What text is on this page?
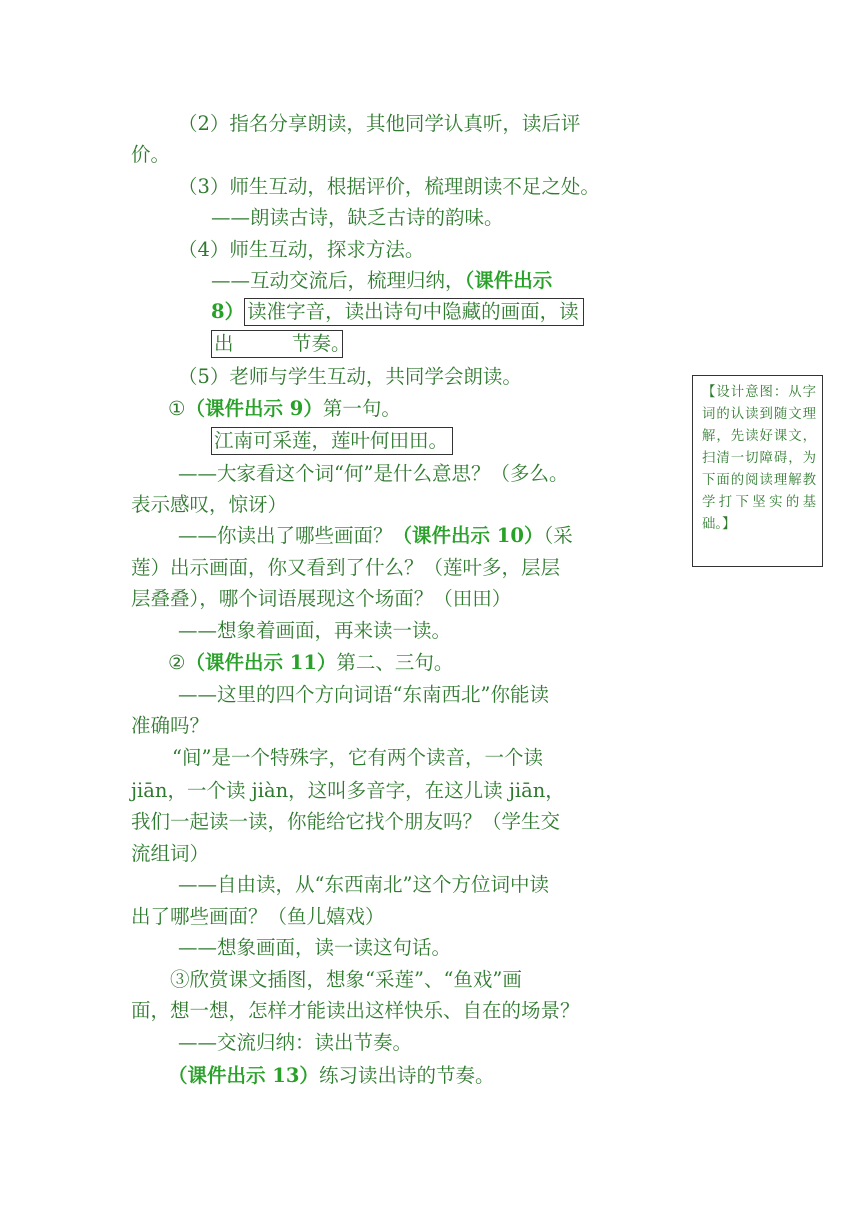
（2）指名分享朗读，其他同学认真听，读后评
价。
（3）师生互动，根据评价，梳理朗读不足之处。
——朗读古诗，缺乏古诗的韵味。
（4）师生互动，探求方法。
——互动交流后，梳理归纳，（课件出示
8） 读准字音，读出诗句中隐藏的画面，读
出　　　节奏。
（5）老师与学生互动，共同学会朗读。
①（课件出示 9）第一句。
江南可采莲，莲叶何田田。
——大家看这个词“何”是什么意思？（多么。
表示感叹，惊讶）
——你读出了哪些画面？（课件出示 10）（采
莲）出示画面，你又看到了什么？（莲叶多，层层
层叠叠），哪个词语展现这个场面？（田田）
——想象着画面，再来读一读。
②（课件出示 11）第二、三句。
——这里的四个方向词语“东南西北”你能读
准确吗？
“间”是一个特殊字，它有两个读音，一个读
jiān，一个读 jiàn，这叫多音字，在这儿读 jiān，
我们一起读一读，你能给它找个朋友吗？（学生交
流组词）
——自由读，从“东西南北”这个方位词中读
出了哪些画面？（鱼儿嬉戏）
——想象画面，读一读这句话。
③欣赏课文插图，想象“采莲”、“鱼戏”画
面，想一想，怎样才能读出这样快乐、自在的场景？
——交流归纳：读出节奏。
（课件出示 13）练习读出诗的节奏。
【设计意图：从字词的认读到随文理解，先读好课文，扫清一切障碍，为下面的阅读理解教学打下坚实的基础。】
